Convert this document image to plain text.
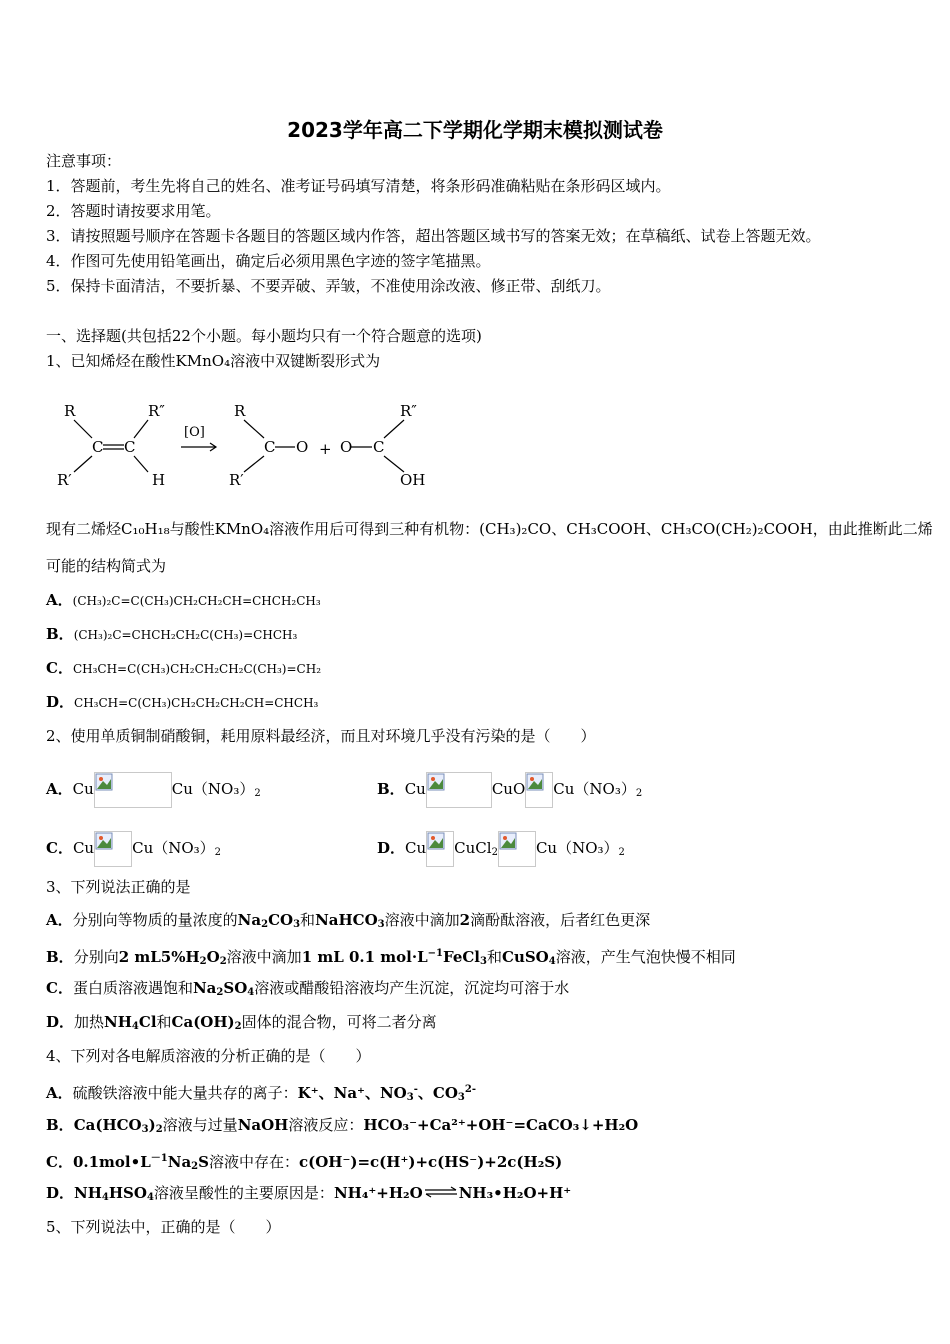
2023学年高二下学期化学期末模拟测试卷
注意事项：
1．答题前，考生先将自己的姓名、准考证号码填写清楚，将条形码准确粘贴在条形码区域内。
2．答题时请按要求用笔。
3．请按照题号顺序在答题卡各题目的答题区域内作答，超出答题区域书写的答案无效；在草稿纸、试卷上答题无效。
4．作图可先使用铅笔画出，确定后必须用黑色字迹的签字笔描黑。
5．保持卡面清洁，不要折暴、不要弄破、弄皱，不准使用涂改液、修正带、刮纸刀。
一、选择题(共包括22个小题。每小题均只有一个符合题意的选项)
1、已知烯烃在酸性KMnO₄溶液中双键断裂形式为
R	R″
C C
R′	H
[O]
R
C O
R′
+ O C
R″
OH
现有二烯烃C₁₀H₁₈与酸性KMnO₄溶液作用后可得到三种有机物：(CH₃)₂CO、CH₃COOH、CH₃CO(CH₂)₂COOH，由此推断此二烯
可能的结构简式为
A．(CH₃)₂C=C(CH₃)CH₂CH₂CH=CHCH₂CH₃
B．(CH₃)₂C=CHCH₂CH₂C(CH₃)=CHCH₃
C．CH₃CH=C(CH₃)CH₂CH₂CH₂C(CH₃)=CH₂
D．CH₃CH=C(CH₃)CH₂CH₂CH₂CH=CHCH₃
2、使用单质铜制硝酸铜，耗用原料最经济，而且对环境几乎没有污染的是（　　）
A．Cu	$Cu(NO_3)_2$	B．Cu	CuO $Cu(NO_3)_2$
C．Cu	$Cu(NO_3)_2$	D．Cu CuCl$_2$	$Cu(NO_3)_2$
3、下列说法正确的是
A．分别向等物质的量浓度的$Na_2CO_3$和NaHCO$_3$溶液中滴加2滴酚酞溶液，后者红色更深
B．分别向2 $mL5\%H_2O_2$溶液中滴加1 mL 0.1 $mol\cdot L^{-1}FeCl_3$和CuSO$_4$溶液，产生气泡快慢不相同
C．蛋白质溶液遇饱和$Na_2SO_4$溶液或醋酸铅溶液均产生沉淀，沉淀均可溶于水
D．加热$NH_4Cl$和$Ca(OH)_2$固体的混合物，可将二者分离
4、下列对各电解质溶液的分析正确的是（　　）
A．硫酸铁溶液中能大量共存的离子：K⁺、Na⁺、$NO_3^-$、$CO_3^{2-}$
B．$Ca(HCO_3)_2$溶液与过量NaOH溶液反应：HCO₃⁻+Ca²⁺+OH⁻=CaCO₃↓+H₂O
C．$0.1mol•L^{-1}Na_2S$溶液中存在：c(OH⁻)=c(H⁺)+c(HS⁻)+2c(H₂S)
D．$NH_4HSO_4$溶液呈酸性的主要原因是：NH₄⁺+H₂O⇌NH₃•H₂O+H⁺
5、下列说法中，正确的是（　　）
